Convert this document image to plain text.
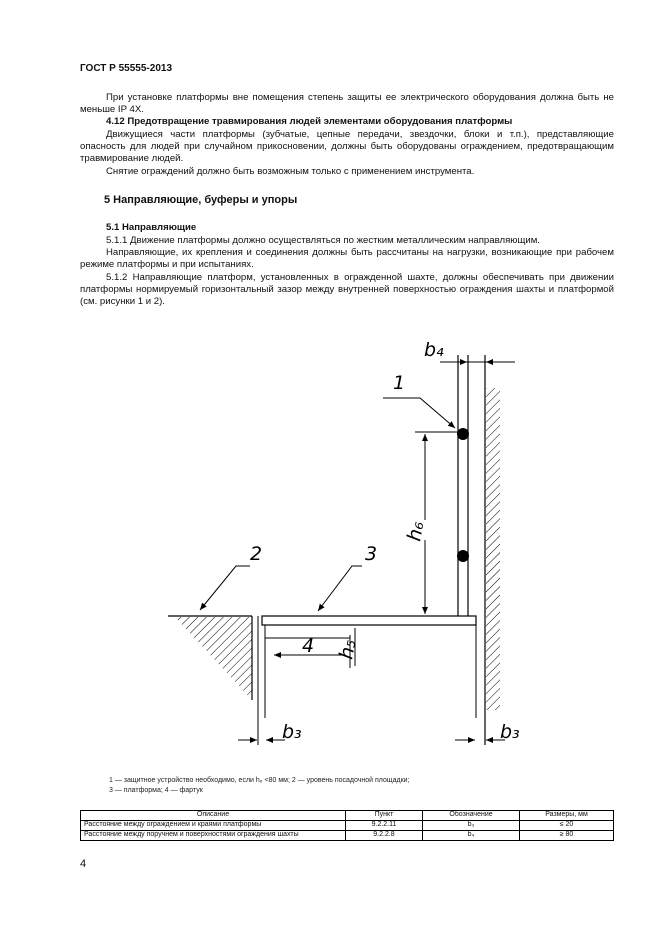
ГОСТ Р 55555-2013
При установке платформы вне помещения степень защиты ее электрического оборудования должна быть не меньше IP 4X.
4.12 Предотвращение травмирования людей элементами оборудования платформы
Движущиеся части платформы (зубчатые, цепные передачи, звездочки, блоки и т.п.), представляющие опасность для людей при случайном прикосновении, должны быть оборудованы ограждением, предотвращающим травмирование людей.
Снятие ограждений должно быть возможным только с применением инструмента.
5 Направляющие, буферы и упоры
5.1 Направляющие
5.1.1 Движение платформы должно осуществляться по жестким металлическим направляющим.
Направляющие, их крепления и соединения должны быть рассчитаны на нагрузки, возникающие при рабочем режиме платформы и при испытаниях.
5.1.2 Направляющие платформ, установленных в огражденной шахте, должны обеспечивать при движении платформы нормируемый горизонтальный зазор между внутренней поверхностью ограждения шахты и платформой (см. рисунки 1 и 2).
1
2	3
4
b₄
b₃	b₃
h₆
h₅
1 — защитное устройство необходимо, если h₆ <80 мм; 2 — уровень посадочной площадки;
3 — платформа; 4 — фартук
Описание	Пункт	Обозначение	Размеры, мм
Расстояние между ограждением и краями платформы	9.2.2.11	b₃	≤ 20
Расстояние между поручнем и поверхностями ограждения шахты	9.2.2.8	b₄	≥ 80
4
